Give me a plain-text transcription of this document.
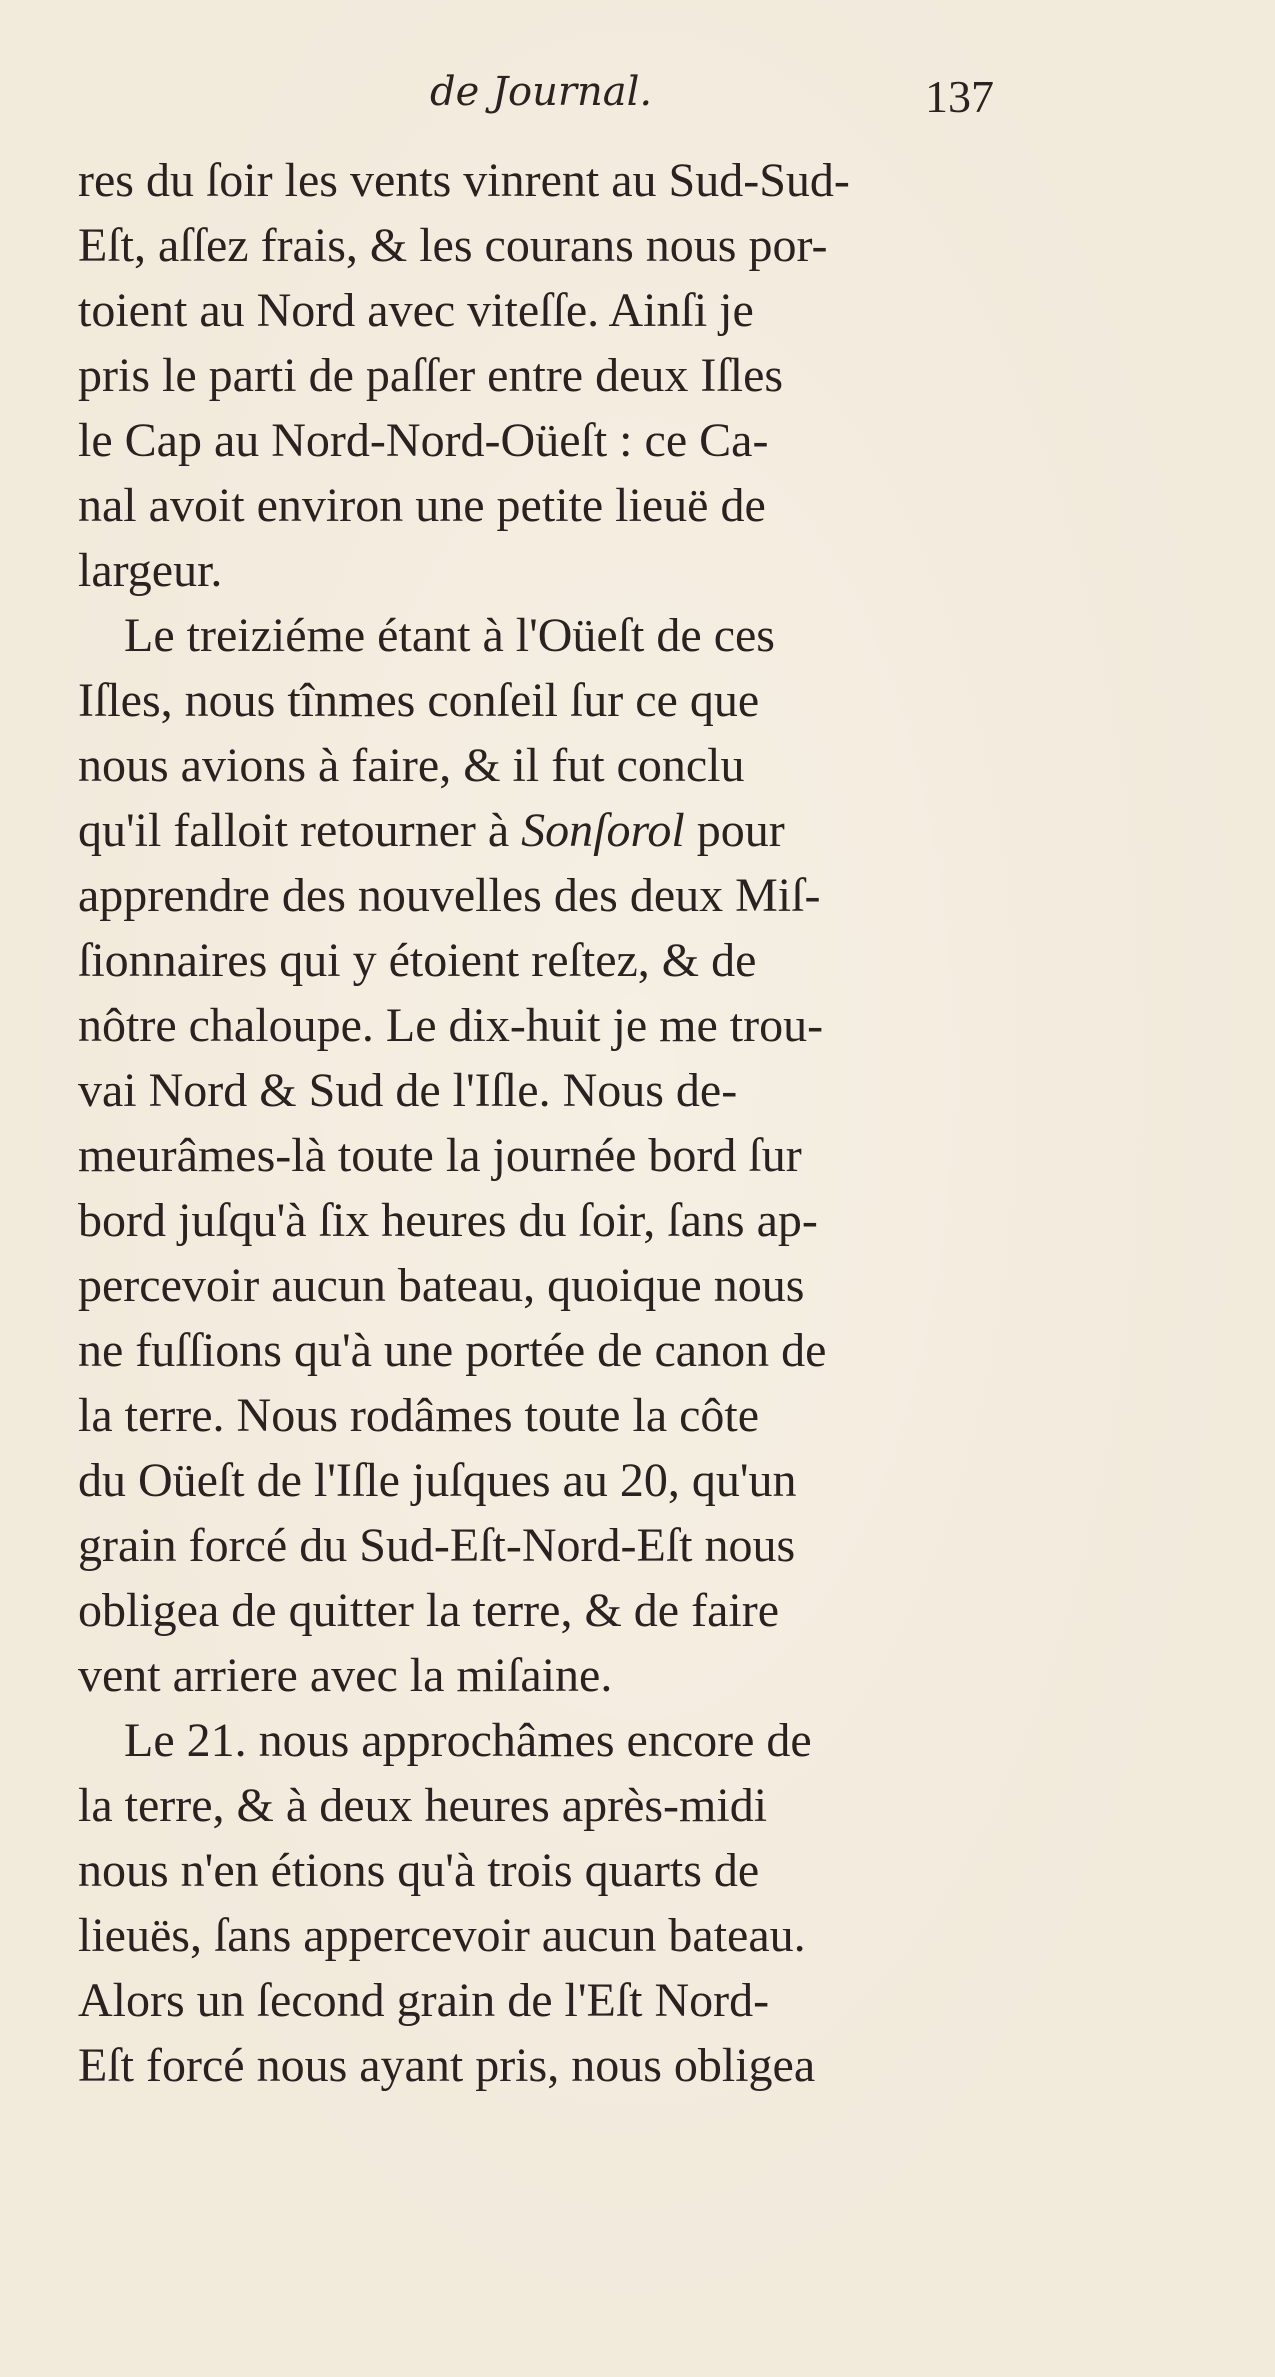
de Journal.	137
res du ſoir les vents vinrent au Sud-Sud-
Eſt, aſſez frais, & les courans nous por-
toient au Nord avec viteſſe. Ainſi je
pris le parti de paſſer entre deux Iſles
le Cap au Nord-Nord-Oüeſt : ce Ca-
nal avoit environ une petite lieuë de
largeur.
Le treiziéme étant à l'Oüeſt de ces
Iſles, nous tînmes conſeil ſur ce que
nous avions à faire, & il fut conclu
qu'il falloit retourner à Sonſorol pour
apprendre des nouvelles des deux Miſ-
ſionnaires qui y étoient reſtez, & de
nôtre chaloupe. Le dix-huit je me trou-
vai Nord & Sud de l'Iſle. Nous de-
meurâmes-là toute la journée bord ſur
bord juſqu'à ſix heures du ſoir, ſans ap-
percevoir aucun bateau, quoique nous
ne fuſſions qu'à une portée de canon de
la terre. Nous rodâmes toute la côte
du Oüeſt de l'Iſle juſques au 20, qu'un
grain forcé du Sud-Eſt-Nord-Eſt nous
obligea de quitter la terre, & de faire
vent arriere avec la miſaine.
Le 21. nous approchâmes encore de
la terre, & à deux heures après-midi
nous n'en étions qu'à trois quarts de
lieuës, ſans appercevoir aucun bateau.
Alors un ſecond grain de l'Eſt Nord-
Eſt forcé nous ayant pris, nous obligea
